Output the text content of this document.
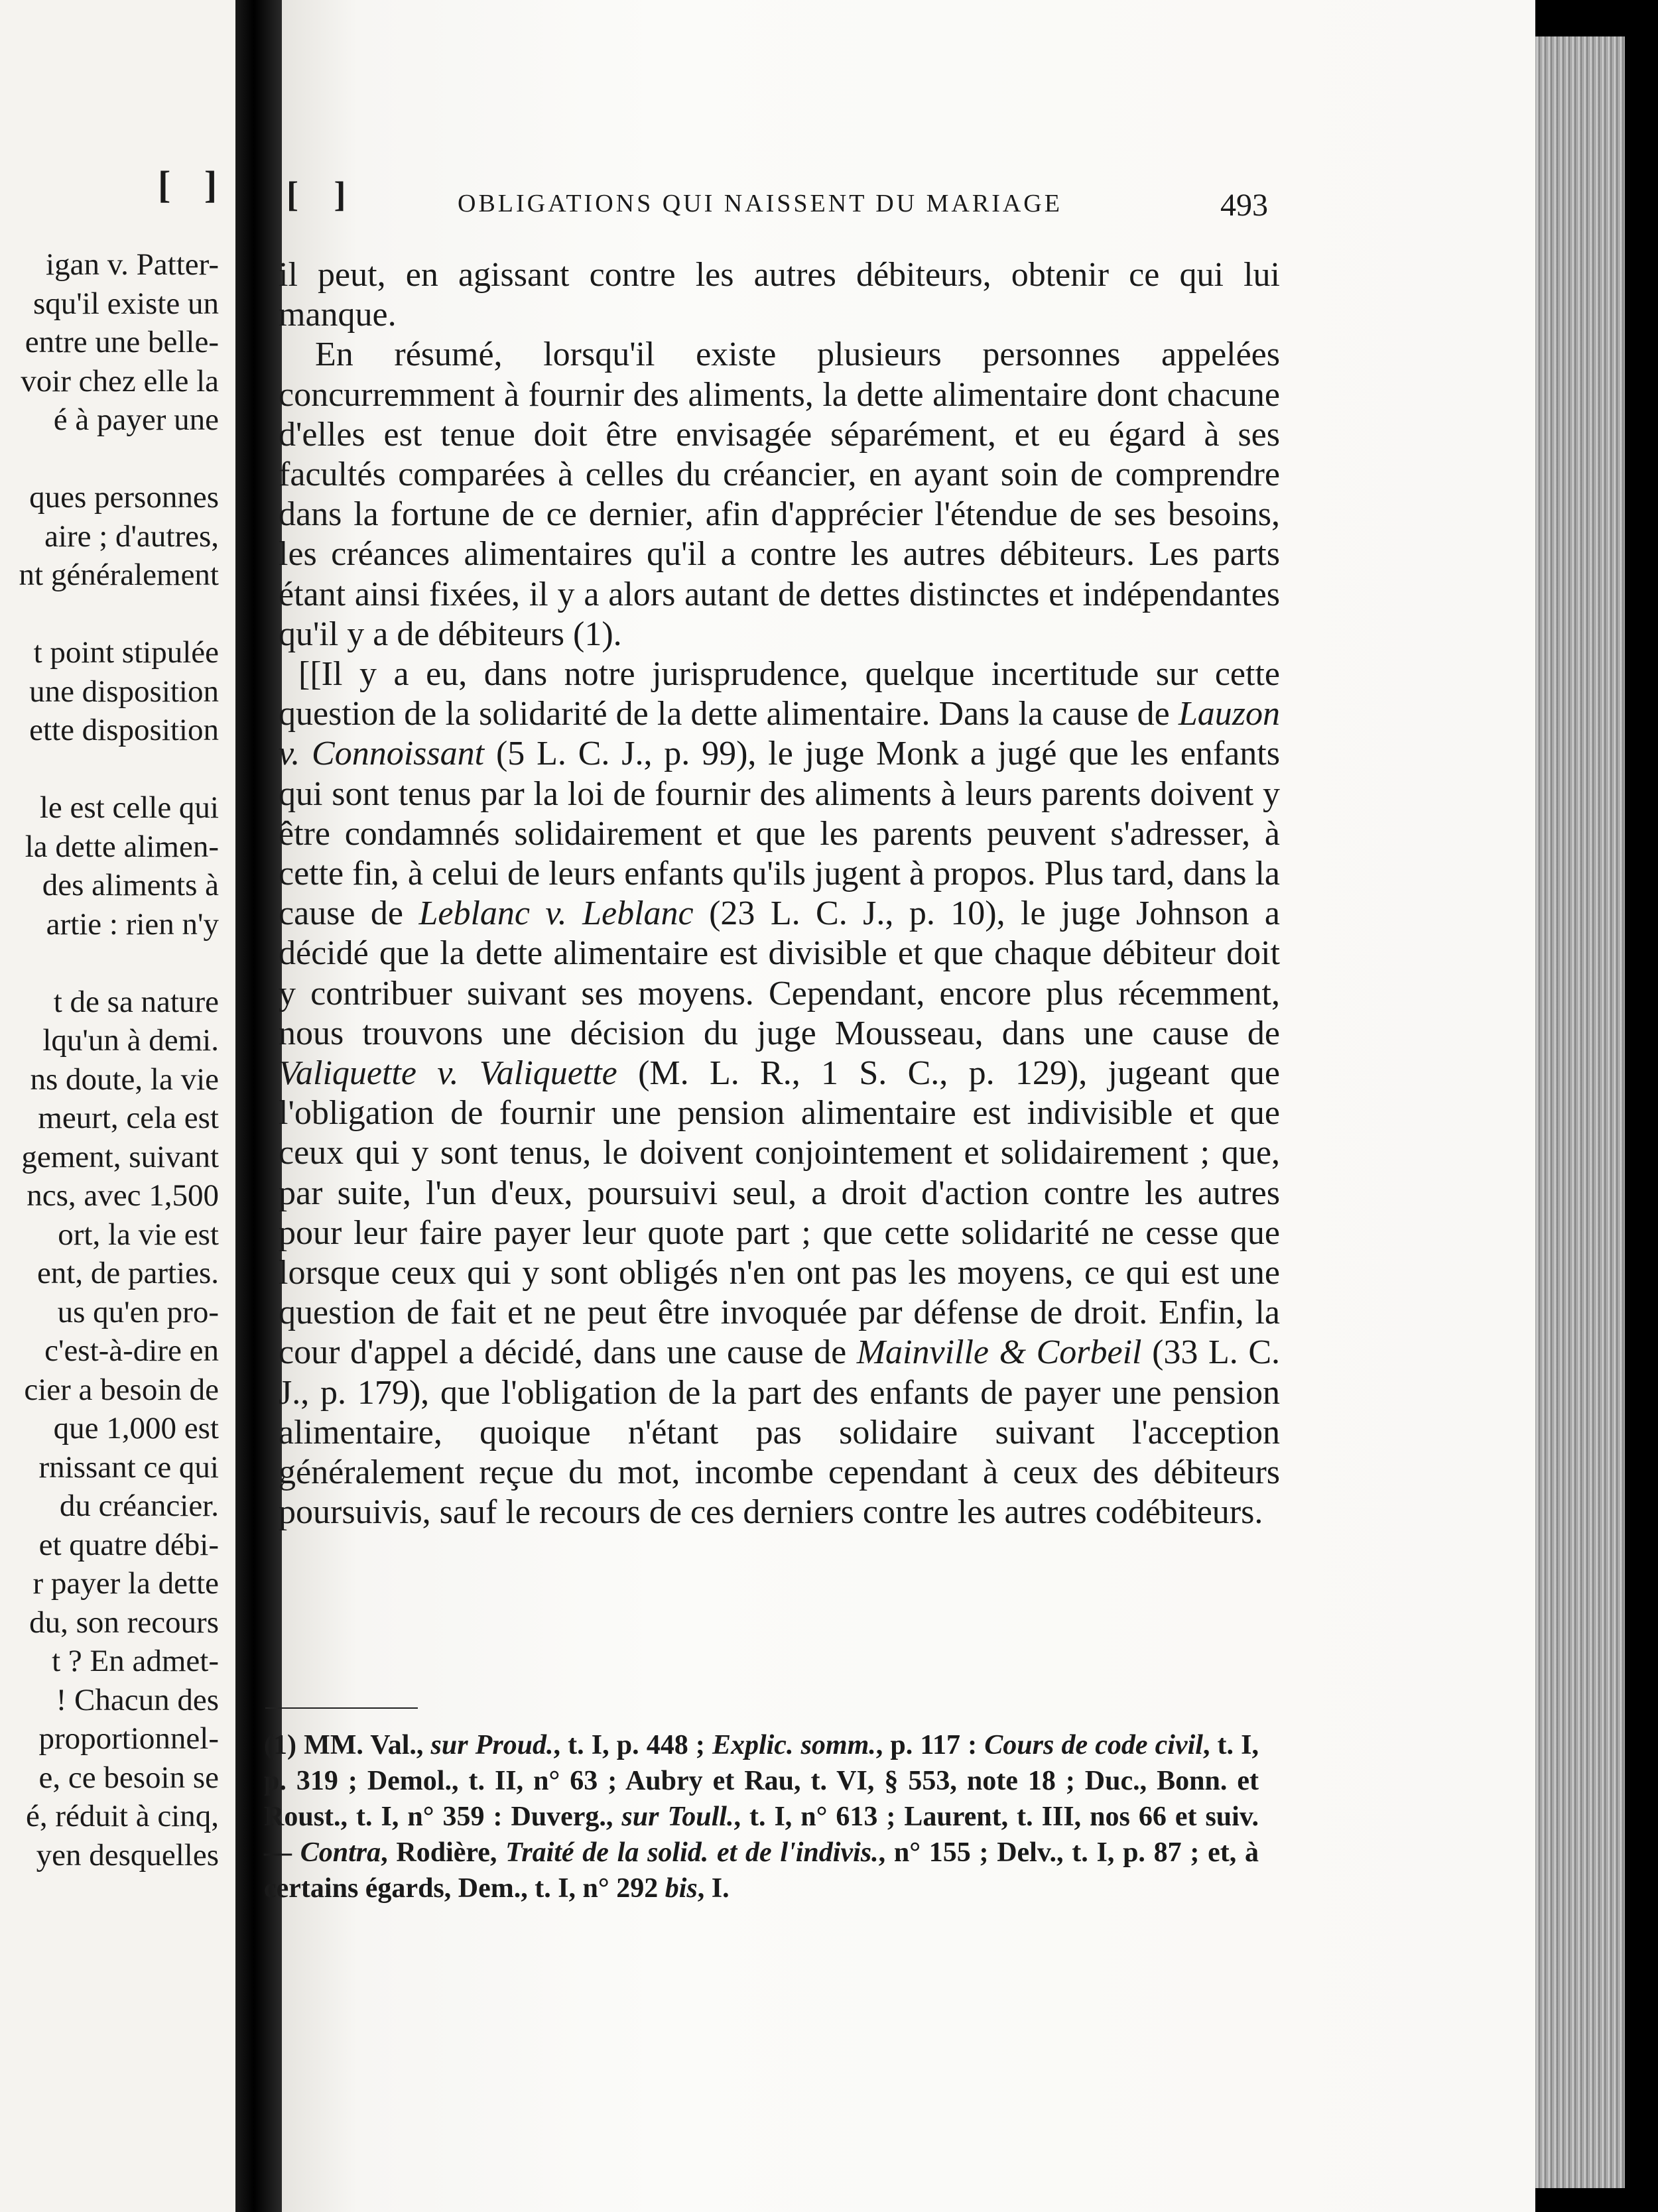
[ ]
igan v. Patter-
squ'il existe un
entre une belle-
voir chez elle la
é à payer une
ques personnes
aire ; d'autres,
nt généralement
t point stipulée
une disposition
ette disposition
le est celle qui
la dette alimen-
des aliments à
artie : rien n'y
t de sa nature
lqu'un à demi.
ns doute, la vie
meurt, cela est
gement, suivant
ncs, avec 1,500
ort, la vie est
ent, de parties.
us qu'en pro-
c'est-à-dire en
cier a besoin de
que 1,000 est
rnissant ce qui
du créancier.
et quatre débi-
r payer la dette
du, son recours
t ? En admet-
! Chacun des
proportionnel-
e, ce besoin se
é, réduit à cinq,
yen desquelles
[ ]	OBLIGATIONS QUI NAISSENT DU MARIAGE	493

il peut, en agissant contre les autres débiteurs, obtenir ce qui lui manque.

En résumé, lorsqu'il existe plusieurs personnes appelées concurremment à fournir des aliments, la dette alimentaire dont chacune d'elles est tenue doit être envisagée séparément, et eu égard à ses facultés comparées à celles du créancier, en ayant soin de comprendre dans la fortune de ce dernier, afin d'apprécier l'étendue de ses besoins, les créances alimentaires qu'il a contre les autres débiteurs. Les parts étant ainsi fixées, il y a alors autant de dettes distinctes et indépendantes qu'il y a de débiteurs (1).

[[Il y a eu, dans notre jurisprudence, quelque incertitude sur cette question de la solidarité de la dette alimentaire. Dans la cause de Lauzon v. Connoissant (5 L. C. J., p. 99), le juge Monk a jugé que les enfants qui sont tenus par la loi de fournir des aliments à leurs parents doivent y être condamnés solidairement et que les parents peuvent s'adresser, à cette fin, à celui de leurs enfants qu'ils jugent à propos. Plus tard, dans la cause de Leblanc v. Leblanc (23 L. C. J., p. 10), le juge Johnson a décidé que la dette alimentaire est divisible et que chaque débiteur doit y contribuer suivant ses moyens. Cependant, encore plus récemment, nous trouvons une décision du juge Mousseau, dans une cause de Valiquette v. Valiquette (M. L. R., 1 S. C., p. 129), jugeant que l'obligation de fournir une pension alimentaire est indivisible et que ceux qui y sont tenus, le doivent conjointement et solidairement ; que, par suite, l'un d'eux, poursuivi seul, a droit d'action contre les autres pour leur faire payer leur quote part ; que cette solidarité ne cesse que lorsque ceux qui y sont obligés n'en ont pas les moyens, ce qui est une question de fait et ne peut être invoquée par défense de droit. Enfin, la cour d'appel a décidé, dans une cause de Mainville & Corbeil (33 L. C. J., p. 179), que l'obligation de la part des enfants de payer une pension alimentaire, quoique n'étant pas solidaire suivant l'acception généralement reçue du mot, incombe cependant à ceux des débiteurs poursuivis, sauf le recours de ces derniers contre les autres codébiteurs.

(1) MM. Val., sur Proud., t. I, p. 448 ; Explic. somm., p. 117 : Cours de code civil, t. I, p. 319 ; Demol., t. II, n° 63 ; Aubry et Rau, t. VI, § 553, note 18 ; Duc., Bonn. et Roust., t. I, n° 359 : Duverg., sur Toull., t. I, n° 613 ; Laurent, t. III, nos 66 et suiv. — Contra, Rodière, Traité de la solid. et de l'indivis., n° 155 ; Delv., t. I, p. 87 ; et, à certains égards, Dem., t. I, n° 292 bis, I.
